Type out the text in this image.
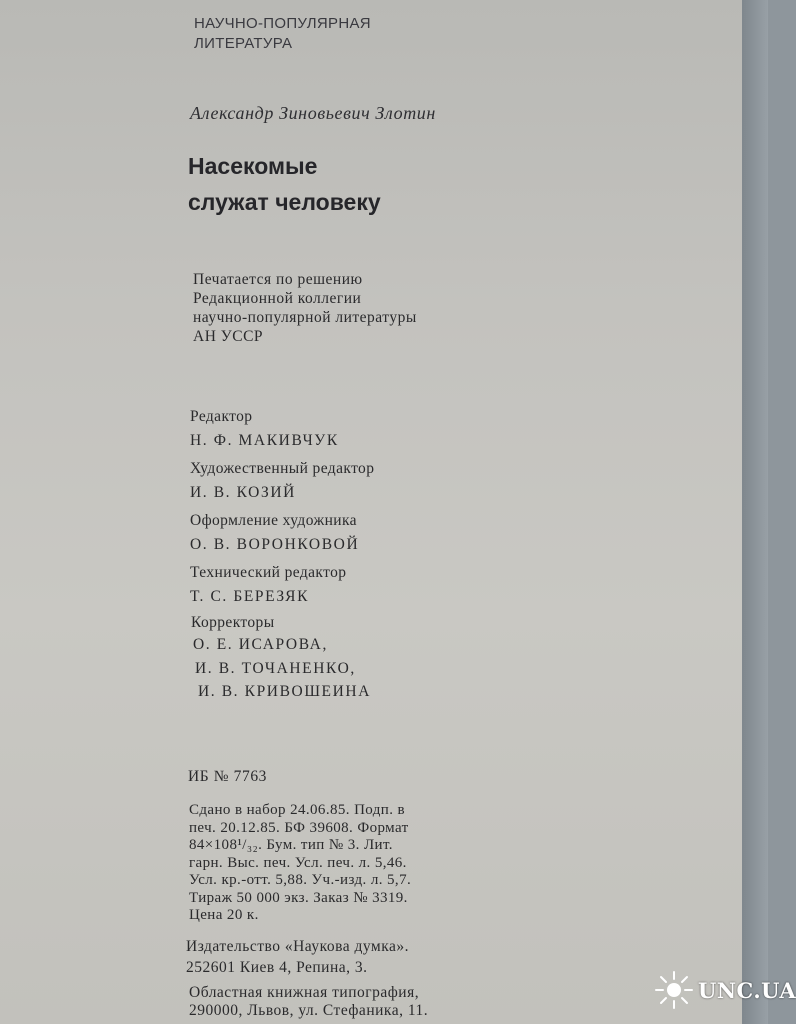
НАУЧНО-ПОПУЛЯРНАЯ
ЛИТЕРАТУРА
Александр Зиновьевич Злотин
Насекомые
служат человеку
Печатается по решению
Редакционной коллегии
научно-популярной литературы
АН УССР
Редактор
Н. Ф. МАКИВЧУК
Художественный редактор
И. В. КОЗИЙ
Оформление художника
О. В. ВОРОНКОВОЙ
Технический редактор
Т. С. БЕРЕЗЯК
Корректоры
О. Е. ИСАРОВА,
И. В. ТОЧАНЕНКО,
И. В. КРИВОШЕИНА
ИБ № 7763
Сдано в набор 24.06.85. Подп. в
печ. 20.12.85. БФ 39608. Формат
84×108¹/₃₂. Бум. тип № 3. Лит.
гарн. Выс. печ. Усл. печ. л. 5,46.
Усл. кр.-отт. 5,88. Уч.-изд. л. 5,7.
Тираж 50 000 экз. Заказ № 3319.
Цена 20 к.
Издательство «Наукова думка».
252601 Киев 4, Репина, 3.
Областная книжная типография,
290000, Львов, ул. Стефаника, 11.
UNC.UA
